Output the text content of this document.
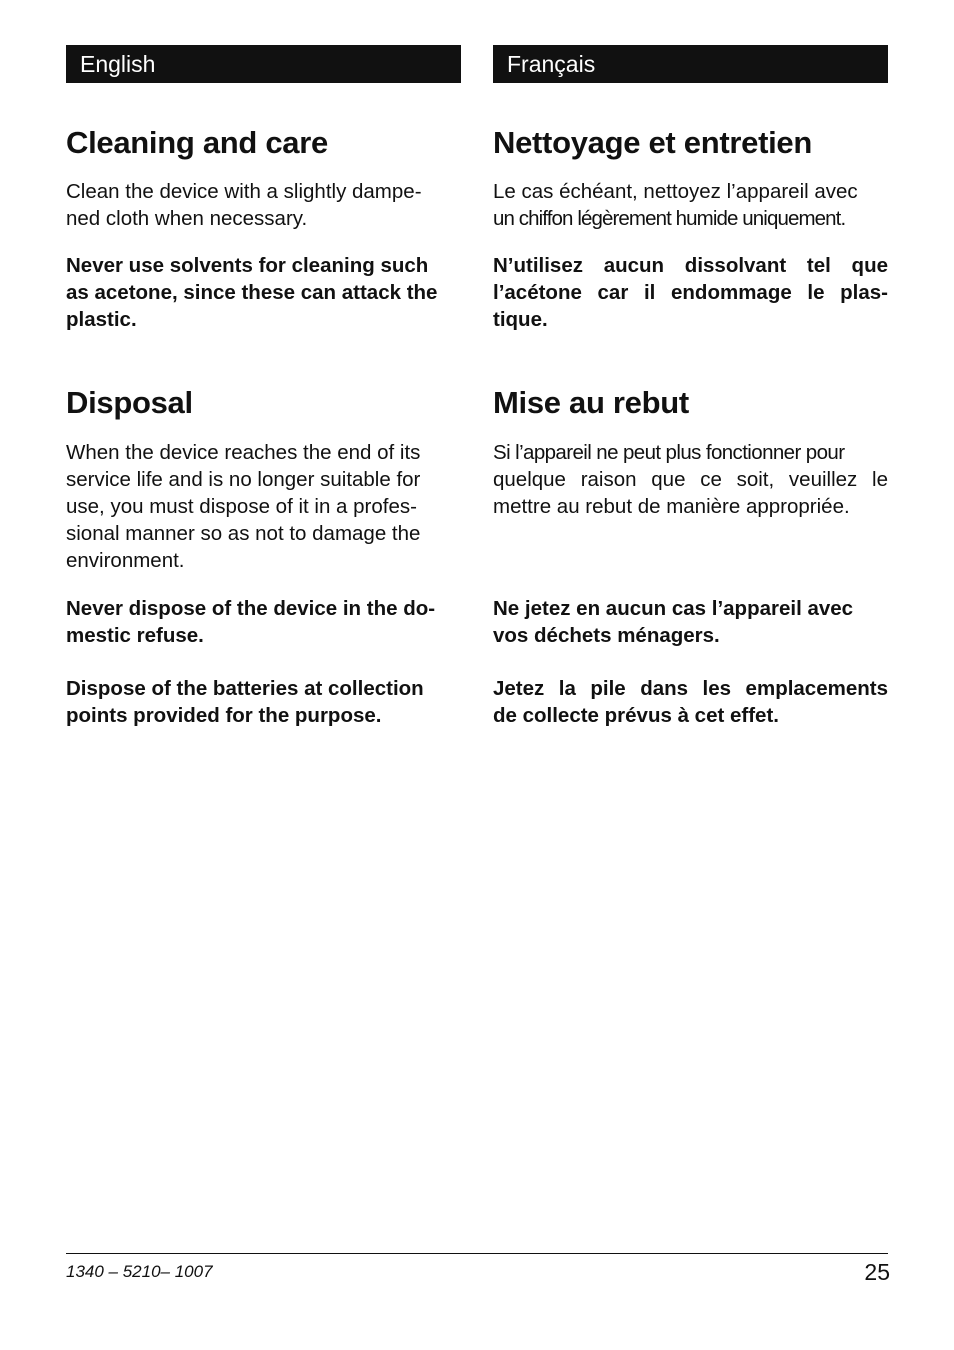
English
Cleaning and care

Clean the device with a slightly dampe-
ned cloth when necessary.

Never use solvents for cleaning such
as acetone, since these can attack the
plastic.

Disposal

When the device reaches the end of its
service life and is no longer suitable for
use, you must dispose of it in a profes-
sional manner so as not to damage the
environment.

Never dispose of the device in the do-
mestic refuse.

Dispose of the batteries at collection
points provided for the purpose.

Français
Nettoyage et entretien

Le cas échéant, nettoyez l’appareil avec
un chiffon légèrement humide uniquement.

N’utilisez aucun dissolvant tel que
l’acétone car il endommage le plas-
tique.

Mise au rebut

Si l’appareil ne peut plus fonctionner pour
quelque raison que ce soit, veuillez le
mettre au rebut de manière appropriée.

Ne jetez en aucun cas l’appareil avec
vos déchets ménagers.

Jetez la pile dans les emplacements
de collecte prévus à cet effet.

1340 – 5210– 1007	25
